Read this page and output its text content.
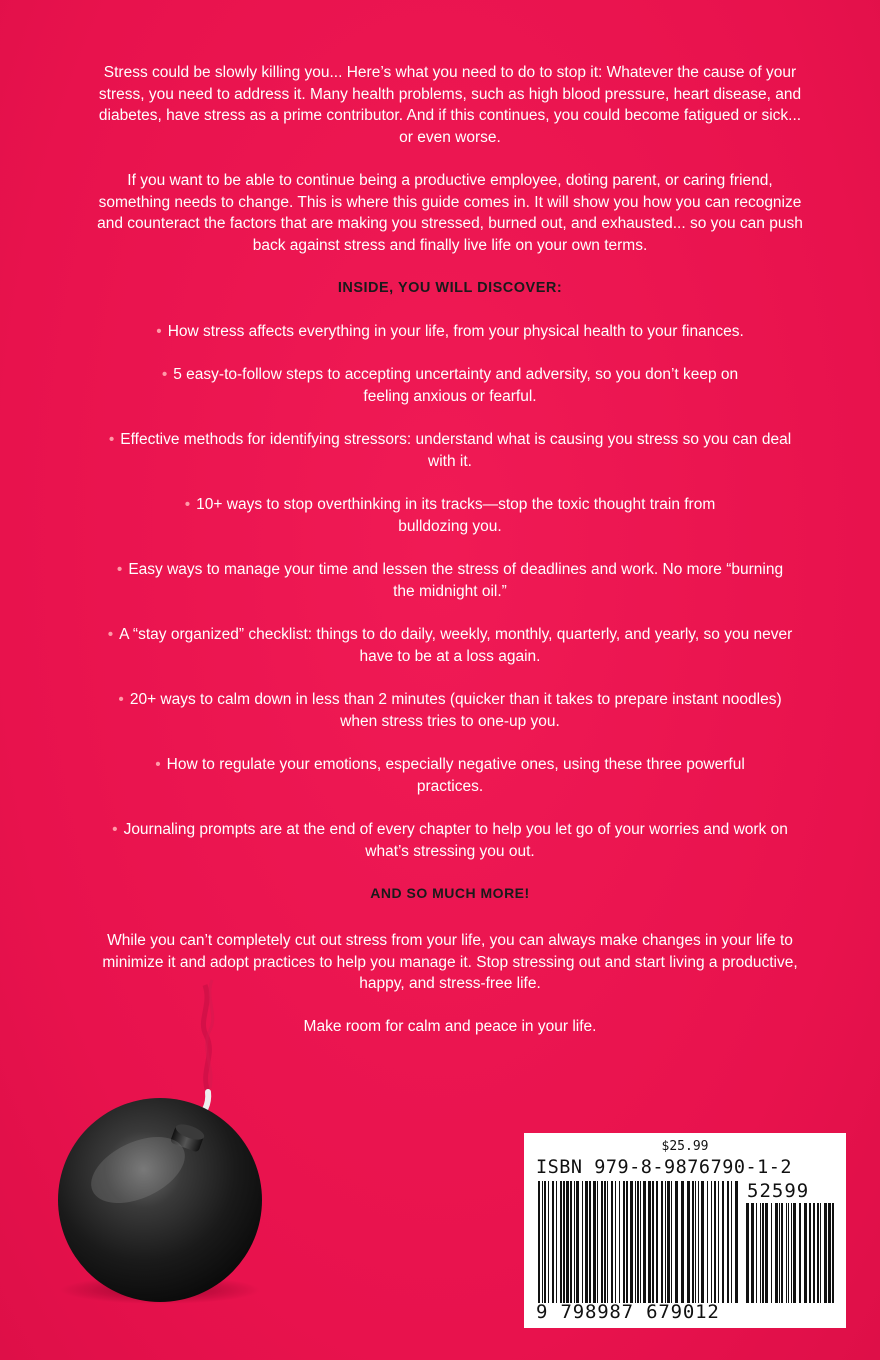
Stress could be slowly killing you... Here’s what you need to do to stop it: Whatever the cause of your stress, you need to address it. Many health problems, such as high blood pressure, heart disease, and diabetes, have stress as a prime contributor. And if this continues, you could become fatigued or sick... or even worse.
If you want to be able to continue being a productive employee, doting parent, or caring friend, something needs to change. This is where this guide comes in. It will show you how you can recognize and counteract the factors that are making you stressed, burned out, and exhausted... so you can push back against stress and finally live life on your own terms.
INSIDE, YOU WILL DISCOVER:
• How stress affects everything in your life, from your physical health to your finances.
• 5 easy-to-follow steps to accepting uncertainty and adversity, so you don’t keep on feeling anxious or fearful.
• Effective methods for identifying stressors: understand what is causing you stress so you can deal with it.
• 10+ ways to stop overthinking in its tracks—stop the toxic thought train from bulldozing you.
• Easy ways to manage your time and lessen the stress of deadlines and work. No more “burning the midnight oil.”
• A “stay organized” checklist: things to do daily, weekly, monthly, quarterly, and yearly, so you never have to be at a loss again.
• 20+ ways to calm down in less than 2 minutes (quicker than it takes to prepare instant noodles) when stress tries to one-up you.
• How to regulate your emotions, especially negative ones, using these three powerful practices.
• Journaling prompts are at the end of every chapter to help you let go of your worries and work on what’s stressing you out.
AND SO MUCH MORE!
While you can’t completely cut out stress from your life, you can always make changes in your life to minimize it and adopt practices to help you manage it. Stop stressing out and start living a productive, happy, and stress-free life.
Make room for calm and peace in your life.
$25.99
ISBN 979-8-9876790-1-2
52599
9 798987 679012
